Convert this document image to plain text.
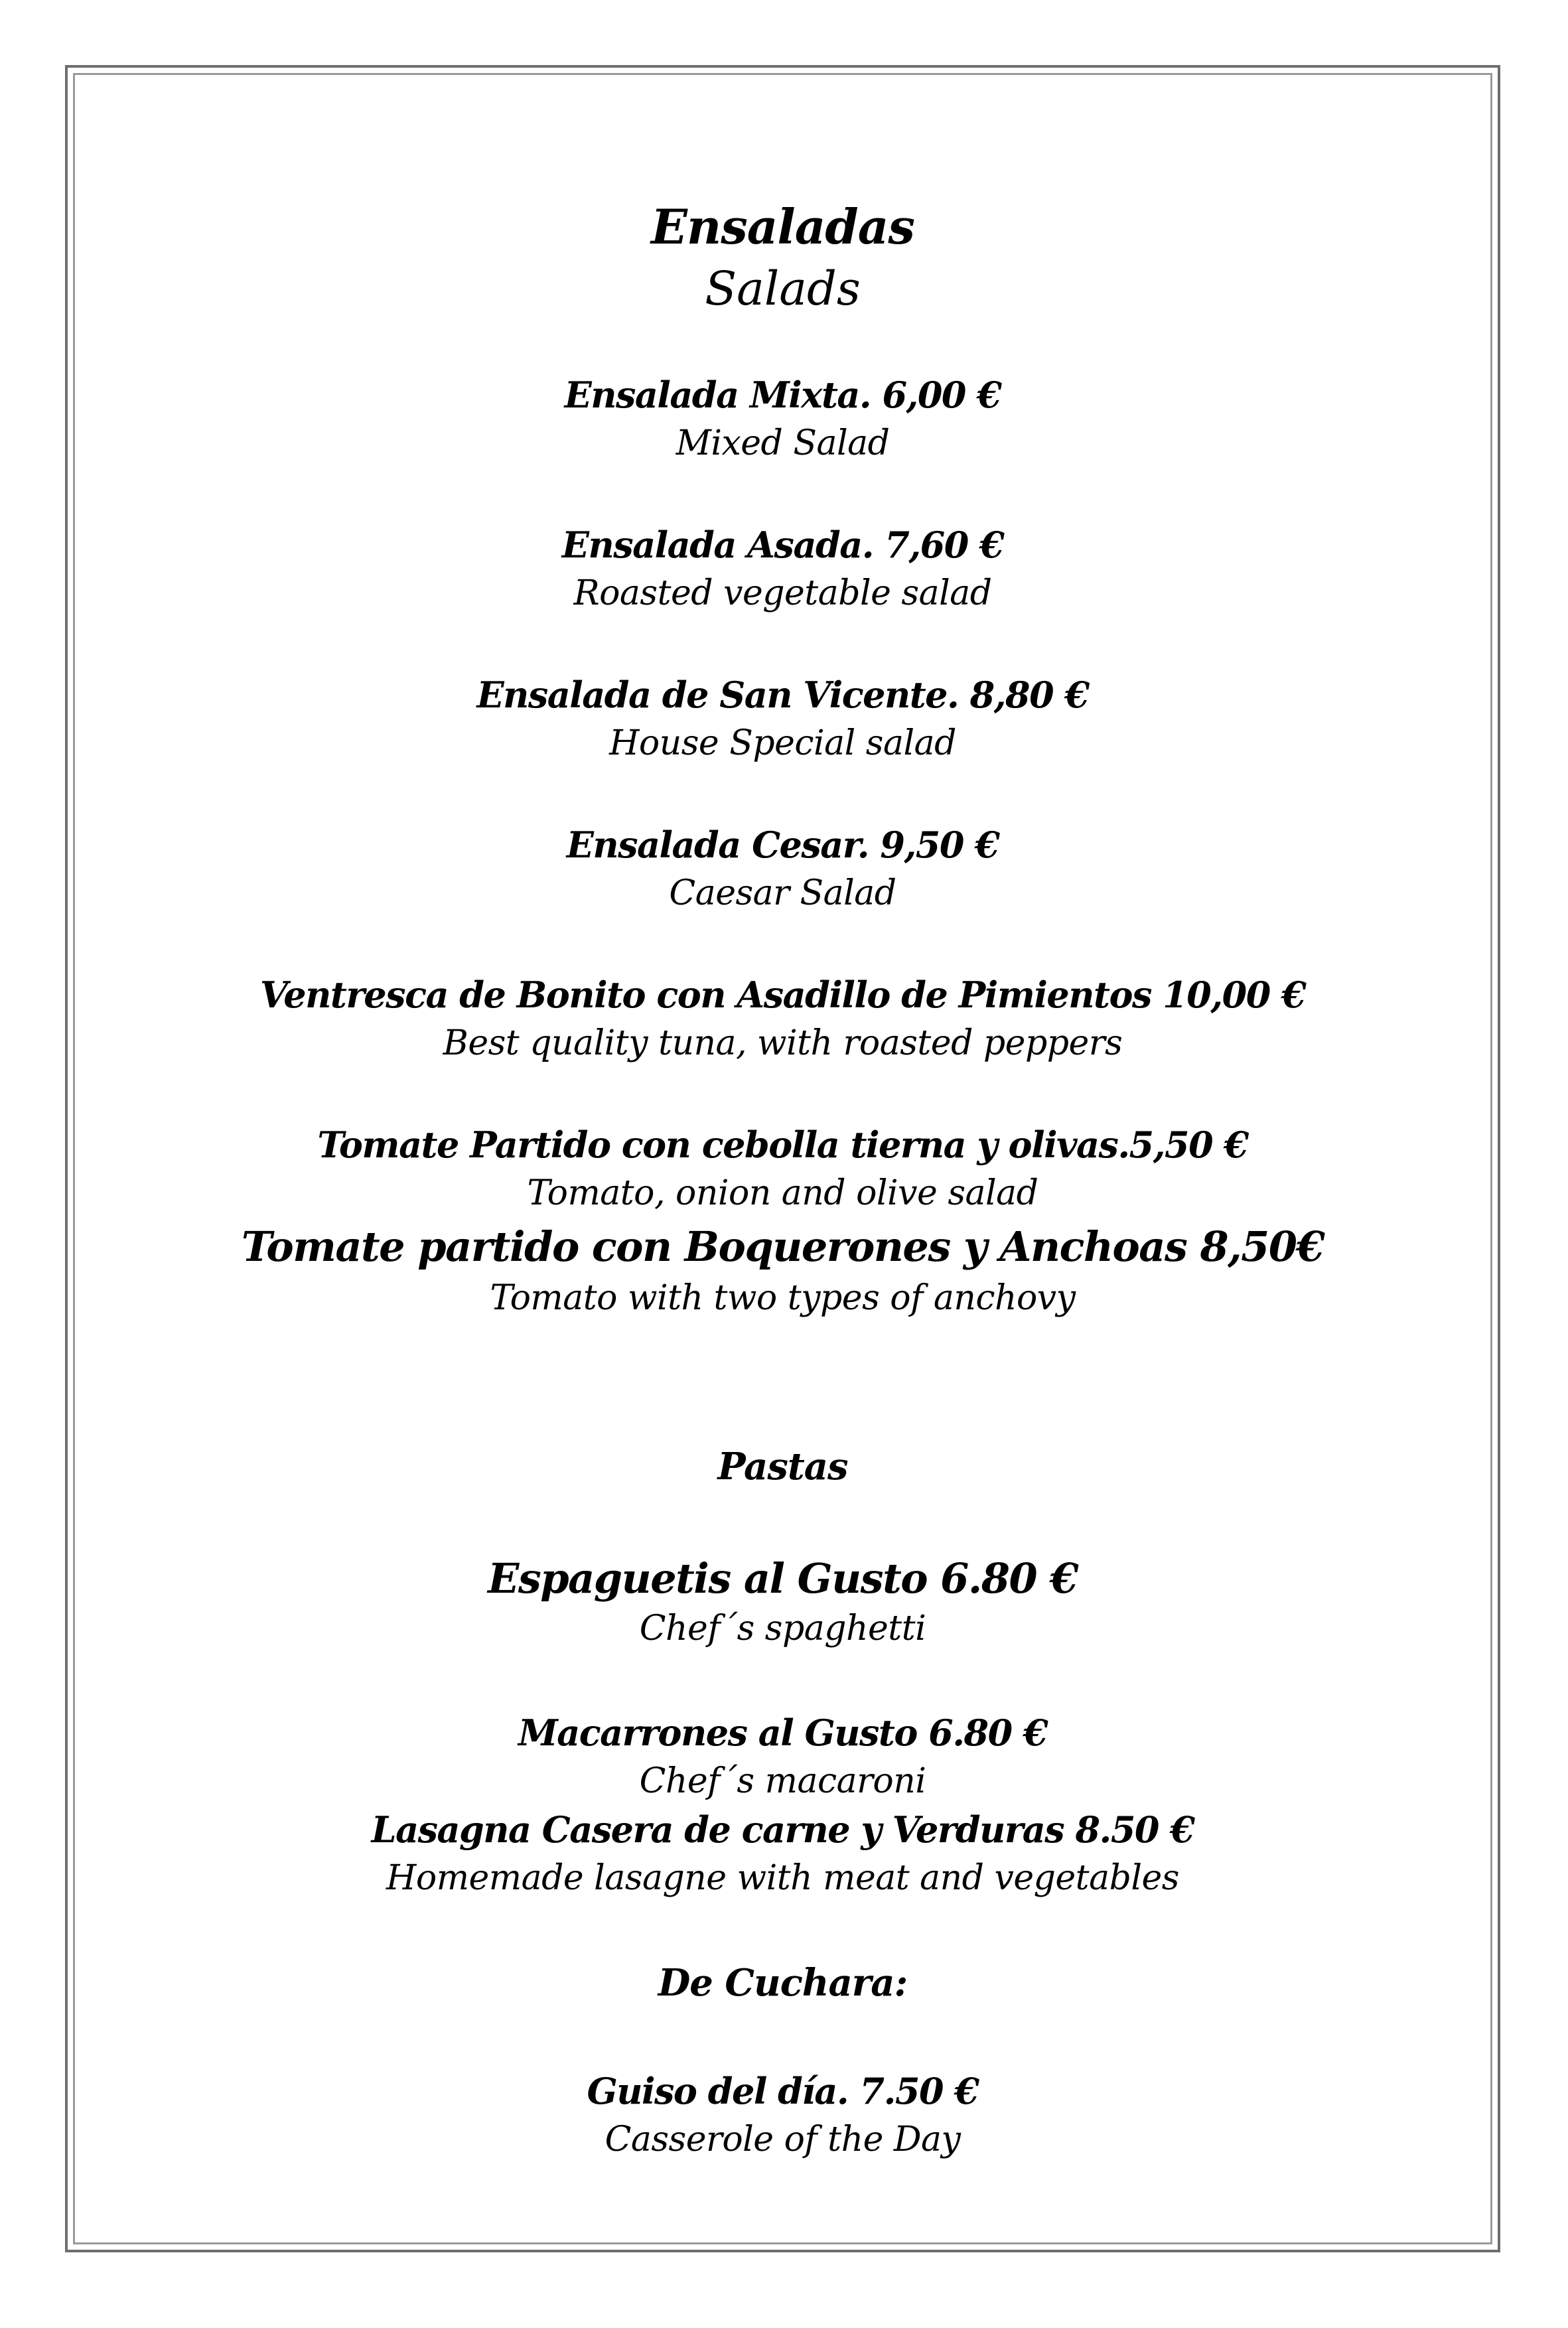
Ensaladas

Salads

Ensalada Mixta. 6,00 €

Mixed Salad

Ensalada Asada. 7,60 €

Roasted vegetable salad

Ensalada de San Vicente. 8,80 €

House Special salad

Ensalada Cesar. 9,50 €

Caesar Salad

Ventresca de Bonito con Asadillo de Pimientos 10,00 €

Best quality tuna, with roasted peppers

Tomate Partido con cebolla tierna y olivas.5,50 €

Tomato, onion and olive salad

Tomate partido con Boquerones y Anchoas 8,50€

Tomato with two types of anchovy

Pastas

Espaguetis al Gusto 6.80 €

Chef´s spaghetti

Macarrones al Gusto 6.80 €

Chef´s macaroni

Lasagna Casera de carne y Verduras 8.50 €

Homemade lasagne with meat and vegetables

De Cuchara:

Guiso del día. 7.50 €

Casserole of the Day
